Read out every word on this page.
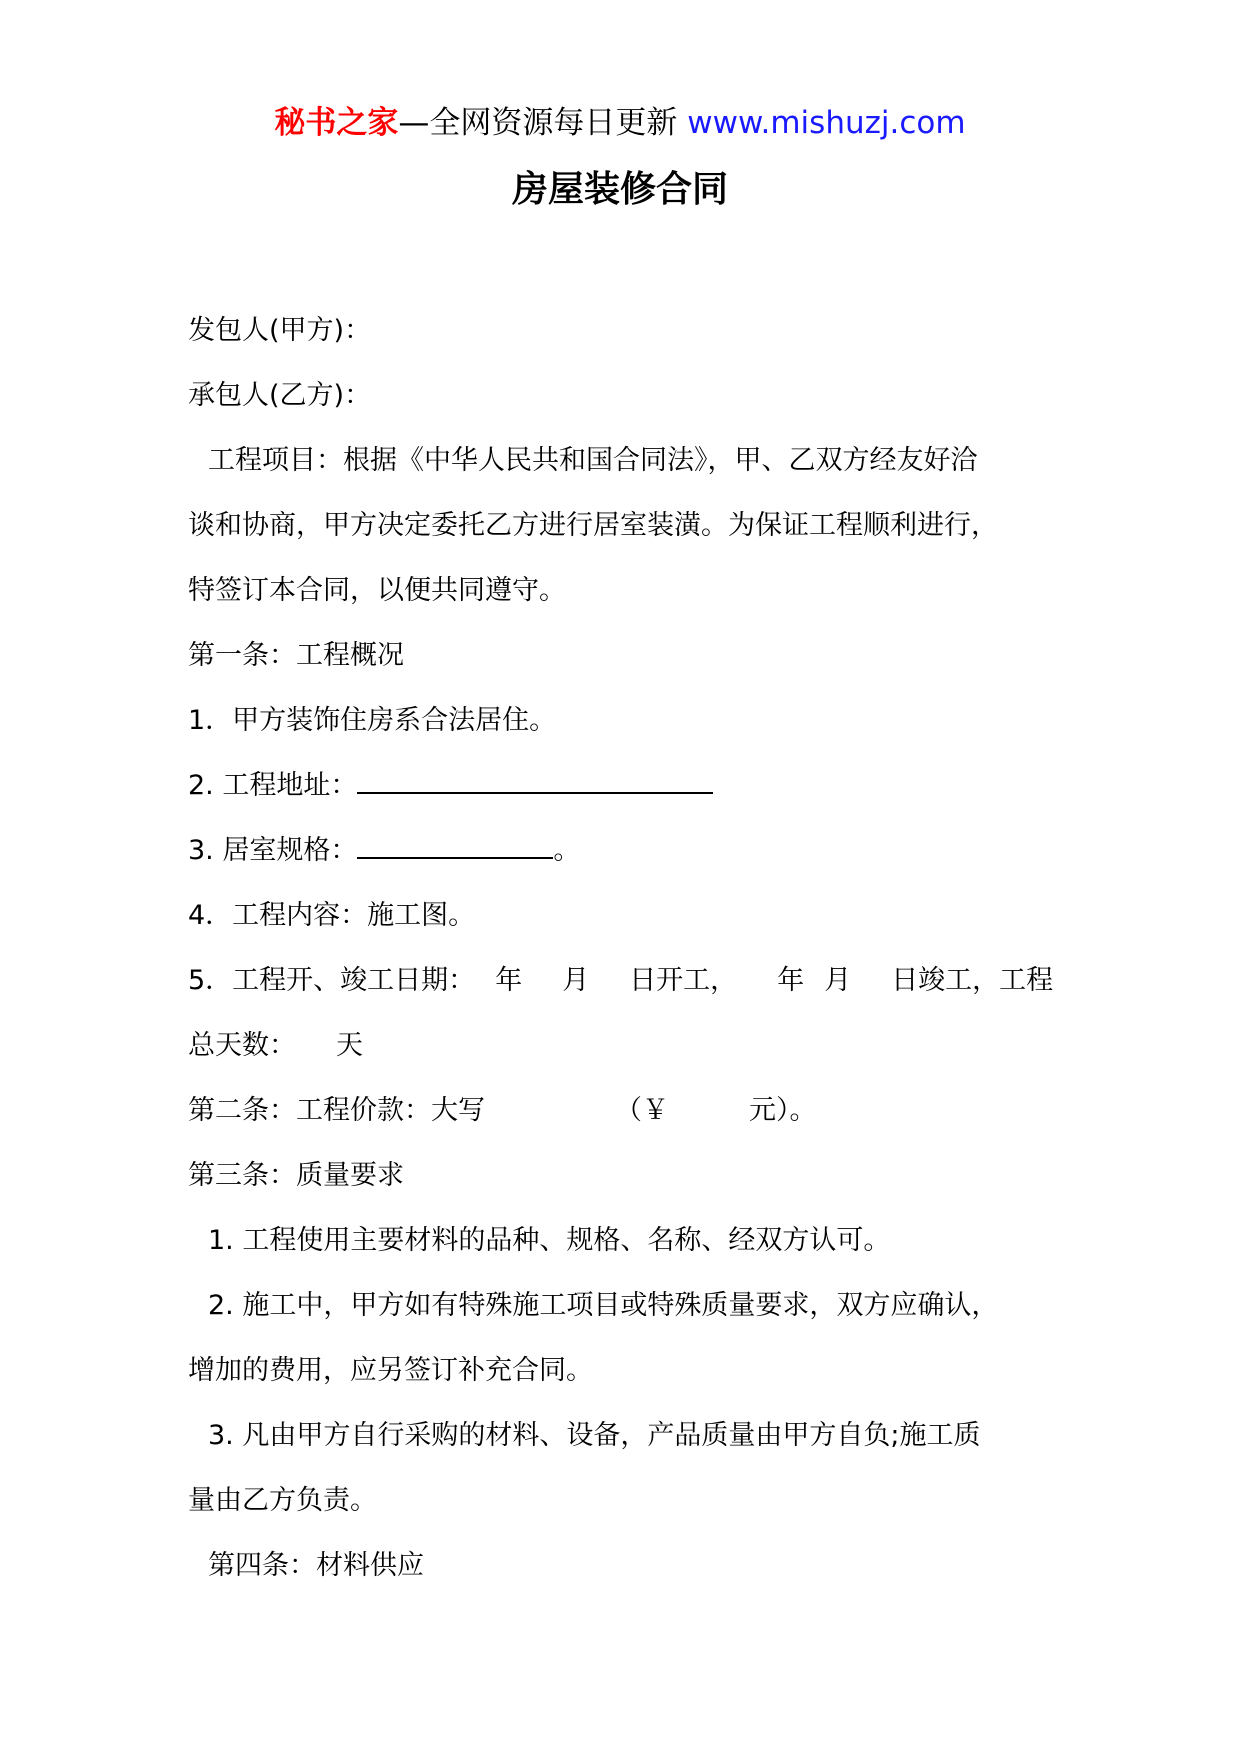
秘书之家—全网资源每日更新 www.mishuzj.com
房屋装修合同
发包人(甲方)：
承包人(乙方)：
工程项目：根据《中华人民共和国合同法》，甲、乙双方经友好洽
谈和协商，甲方决定委托乙方进行居室装潢。为保证工程顺利进行，
特签订本合同，以便共同遵守。
第一条：工程概况
1．甲方装饰住房系合法居住。
2. 工程地址：
3. 居室规格：	。
4．工程内容：施工图。
5．工程开、竣工日期： 年 月 日开工， 年 月 日竣工，工程
总天数： 天
第二条：工程价款：大写	（￥	元）。
第三条：质量要求
1. 工程使用主要材料的品种、规格、名称、经双方认可。
2. 施工中，甲方如有特殊施工项目或特殊质量要求，双方应确认，
增加的费用，应另签订补充合同。
3. 凡由甲方自行采购的材料、设备，产品质量由甲方自负;施工质
量由乙方负责。
第四条：材料供应
